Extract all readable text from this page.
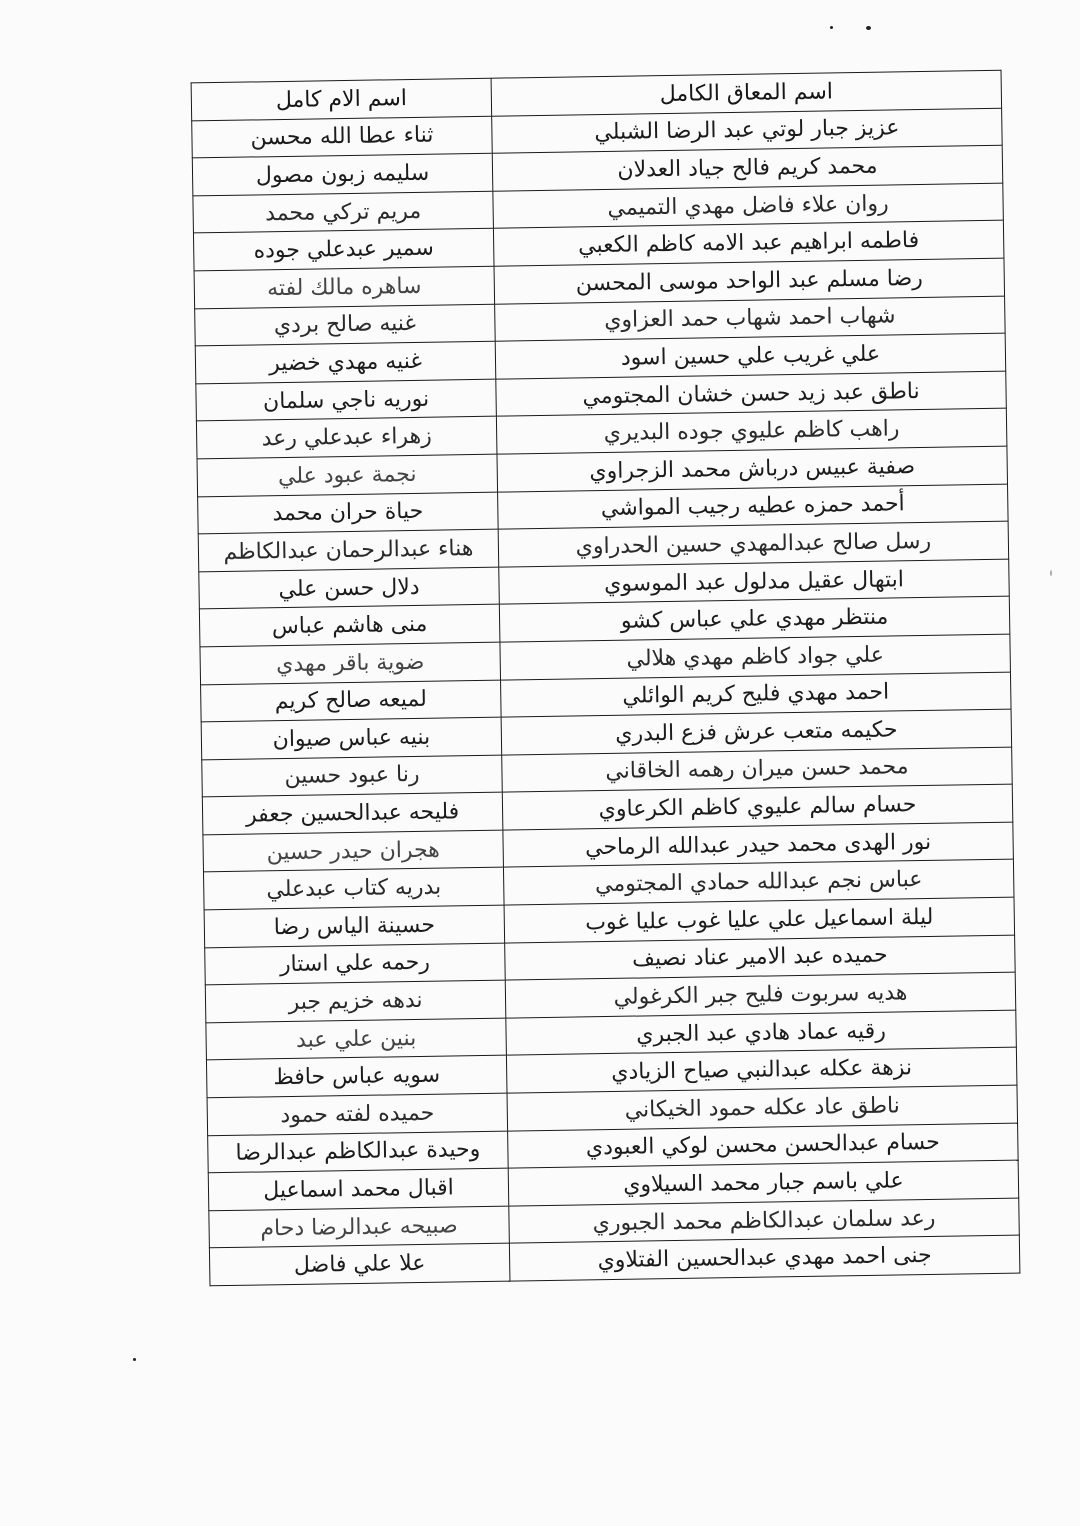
اسم المعاق الكامل	اسم الام كامل
عزيز جبار لوتي عبد الرضا الشبلي	ثناء عطا الله محسن
محمد كريم فالح جياد العدلان	سليمه زبون مصول
روان علاء فاضل مهدي التميمي	مريم تركي محمد
فاطمه ابراهيم عبد الامه كاظم الكعبي	سمير عبدعلي جوده
رضا مسلم عبد الواحد موسى المحسن	ساهره مالك لفته
شهاب احمد شهاب حمد العزاوي	غنيه صالح بردي
علي غريب علي حسين اسود	غنيه مهدي خضير
ناطق عبد زيد حسن خشان المجتومي	نوريه ناجي سلمان
راهب كاظم عليوي جوده البديري	زهراء عبدعلي رعد
صفية عبيس درباش محمد الزجراوي	نجمة عبود علي
أحمد حمزه عطيه رجيب المواشي	حياة حران محمد
رسل صالح عبدالمهدي حسين الحدراوي	هناء عبدالرحمان عبدالكاظم
ابتهال عقيل مدلول عبد الموسوي	دلال حسن علي
منتظر مهدي علي عباس كشو	منى هاشم عباس
علي جواد كاظم مهدي هلالي	ضوية باقر مهدي
احمد مهدي فليح كريم الوائلي	لميعه صالح كريم
حكيمه متعب عرش فزع البدري	بنيه عباس صيوان
محمد حسن ميران رهمه الخاقاني	رنا عبود حسين
حسام سالم عليوي كاظم الكرعاوي	فليحه عبدالحسين جعفر
نور الهدى محمد حيدر عبدالله الرماحي	هجران حيدر حسين
عباس نجم عبدالله حمادي المجتومي	بدريه كتاب عبدعلي
ليلة اسماعيل علي عليا غوب عليا غوب	حسينة الياس رضا
حميده عبد الامير عناد نصيف	رحمه علي استار
هديه سربوت فليح جبر الكرغولي	ندهه خزيم جبر
رقيه عماد هادي عبد الجبري	بنين علي عبد
نزهة عكله عبدالنبي صياح الزيادي	سويه عباس حافظ
ناطق عاد عكله حمود الخيكاني	حميده لفته حمود
حسام عبدالحسن محسن لوكي العبودي	وحيدة عبدالكاظم عبدالرضا
علي باسم جبار محمد السيلاوي	اقبال محمد اسماعيل
رعد سلمان عبدالكاظم محمد الجبوري	صبيحه عبدالرضا دحام
جنى احمد مهدي عبدالحسين الفتلاوي	علا علي فاضل
